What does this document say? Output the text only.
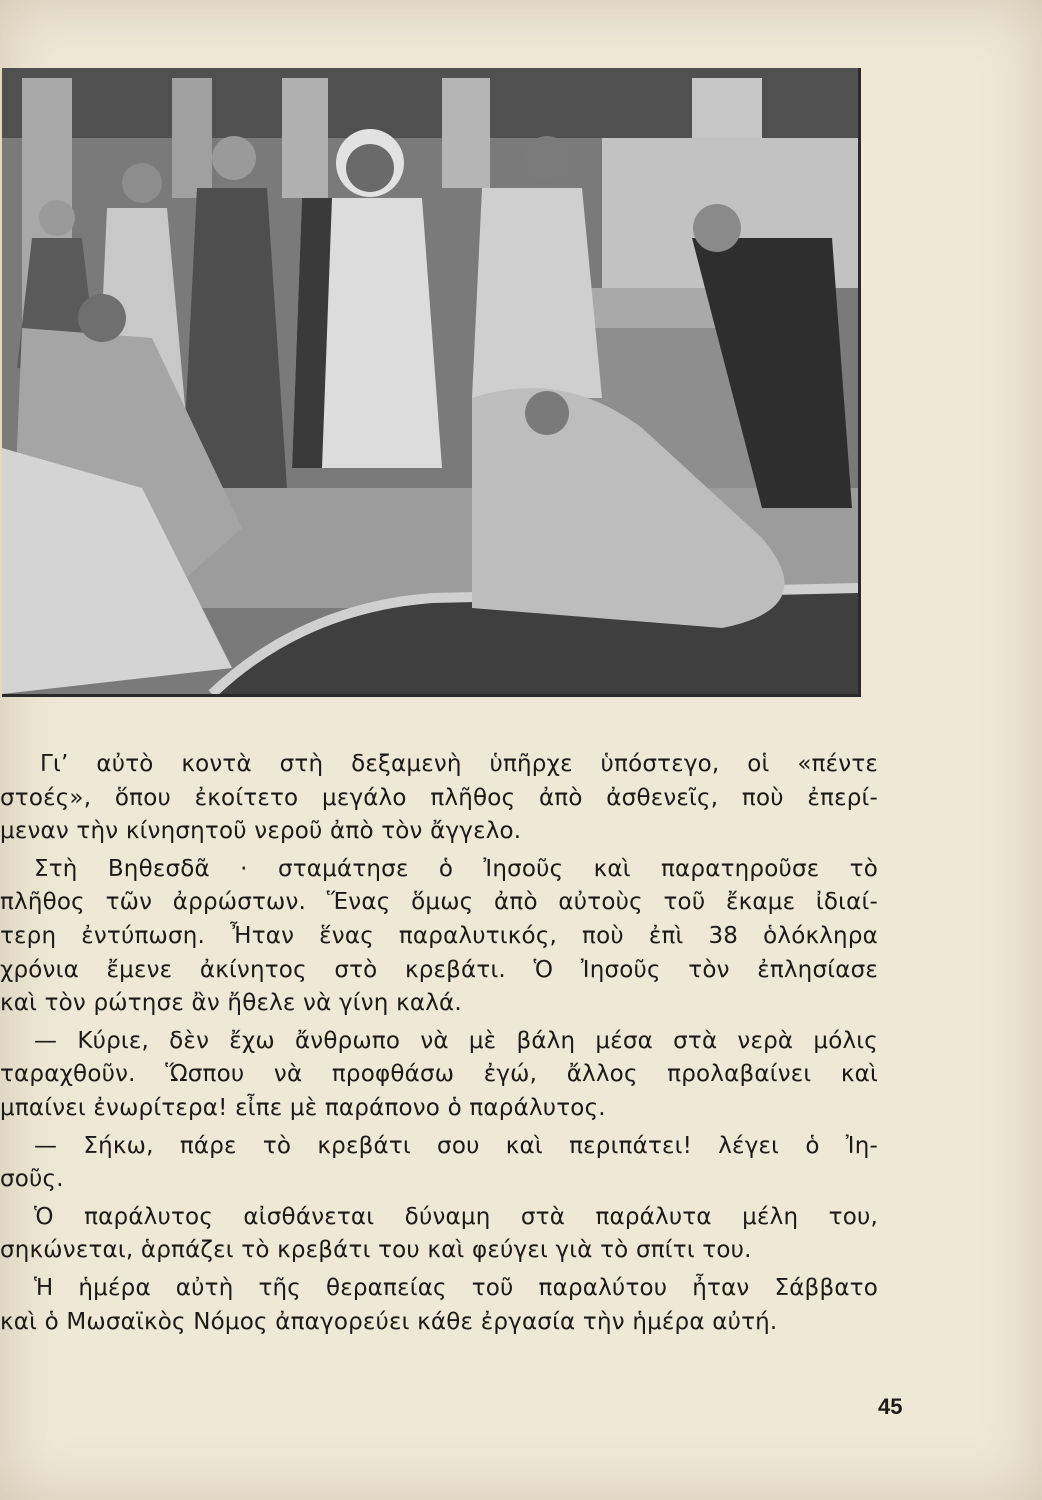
Γι’ αὐτὸ κοντὰ στὴ δεξαμενὴ ὑπῆρχε ὑπόστεγο, οἱ «πέντε
στοές», ὅπου ἐκοίτετο μεγάλο πλῆθος ἀπὸ ἀσθενεῖς, ποὺ ἐπερί-
μεναν τὴν κίνησητοῦ νεροῦ ἀπὸ τὸν ἄγγελο.
Στὴ Βηθεσδᾶ · σταμάτησε ὁ Ἰησοῦς καὶ παρατηροῦσε τὸ
πλῆθος τῶν ἀρρώστων. Ἕνας ὅμως ἀπὸ αὐτοὺς τοῦ ἔκαμε ἰδιαί-
τερη ἐντύπωση. Ἦταν ἕνας παραλυτικός, ποὺ ἐπὶ 38 ὁλόκληρα
χρόνια ἔμενε ἀκίνητος στὸ κρεβάτι. Ὁ Ἰησοῦς τὸν ἐπλησίασε
καὶ τὸν ρώτησε ἂν ἤθελε νὰ γίνη καλά.
— Κύριε, δὲν ἔχω ἄνθρωπο νὰ μὲ βάλη μέσα στὰ νερὰ μόλις
ταραχθοῦν. Ὥσπου νὰ προφθάσω ἐγώ, ἄλλος προλαβαίνει καὶ
μπαίνει ἐνωρίτερα! εἶπε μὲ παράπονο ὁ παράλυτος.
— Σήκω, πάρε τὸ κρεβάτι σου καὶ περιπάτει! λέγει ὁ Ἰη-
σοῦς.
Ὁ παράλυτος αἰσθάνεται δύναμη στὰ παράλυτα μέλη του,
σηκώνεται, ἁρπάζει τὸ κρεβάτι του καὶ φεύγει γιὰ τὸ σπίτι του.
Ἡ ἡμέρα αὐτὴ τῆς θεραπείας τοῦ παραλύτου ἦταν Σάββατο
καὶ ὁ Μωσαϊκὸς Νόμος ἀπαγορεύει κάθε ἐργασία τὴν ἡμέρα αὐτή.
45
